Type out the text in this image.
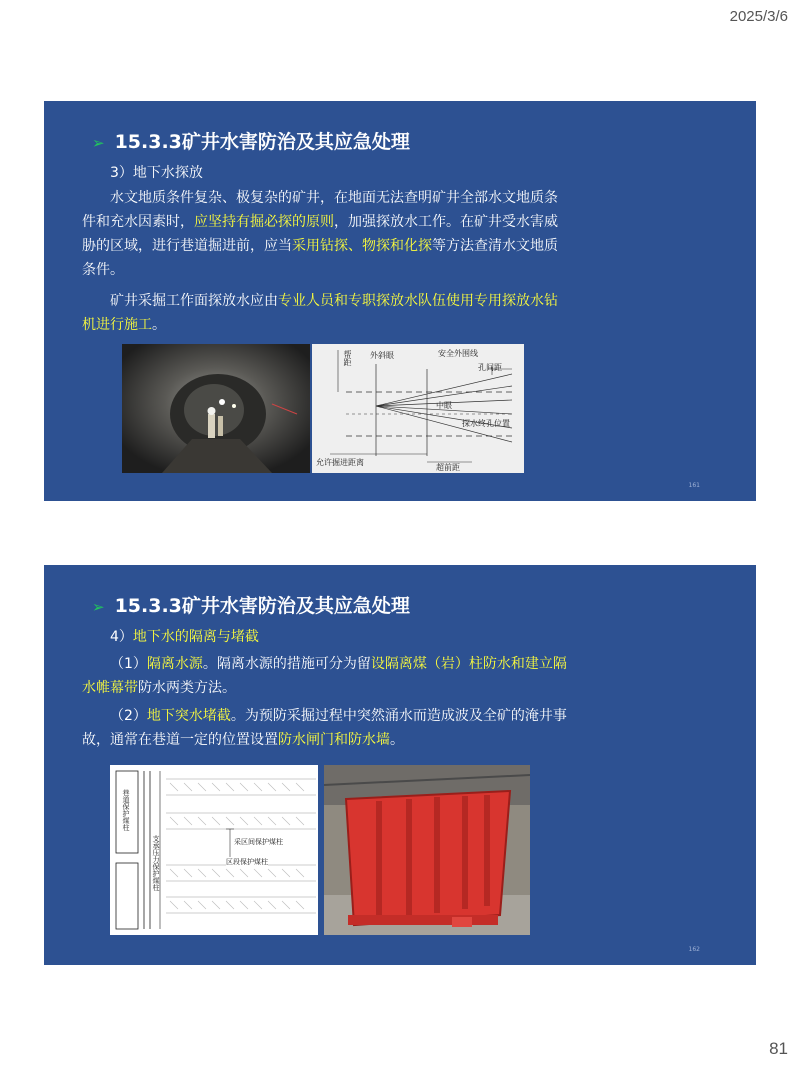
2025/3/6
➢ 15.3.3矿井水害防治及其应急处理
3）地下水探放
水文地质条件复杂、极复杂的矿井，在地面无法查明矿井全部水文地质条件和充水因素时，应坚持有掘必探的原则，加强探放水工作。在矿井受水害威胁的区域，进行巷道掘进前，应当采用钻探、物探和化探等方法查清水文地质条件。
矿井采掘工作面探放水应由专业人员和专职探放水队伍使用专用探放水钻机进行施工。
帮距 外斜眼	安全外围线
孔间距
中眼
探水终孔位置
允许掘进距离
超前距
161
➢ 15.3.3矿井水害防治及其应急处理
4）地下水的隔离与堵截
（1）隔离水源。隔离水源的措施可分为留设隔离煤（岩）柱防水和建立隔水帷幕带防水两类方法。
（2）地下突水堵截。为预防采掘过程中突然涌水而造成波及全矿的淹井事故，通常在巷道一定的位置设置防水闸门和防水墙。
巷道保护煤柱
支承压力保护煤柱	采区间保护煤柱
区段保护煤柱
162
81
